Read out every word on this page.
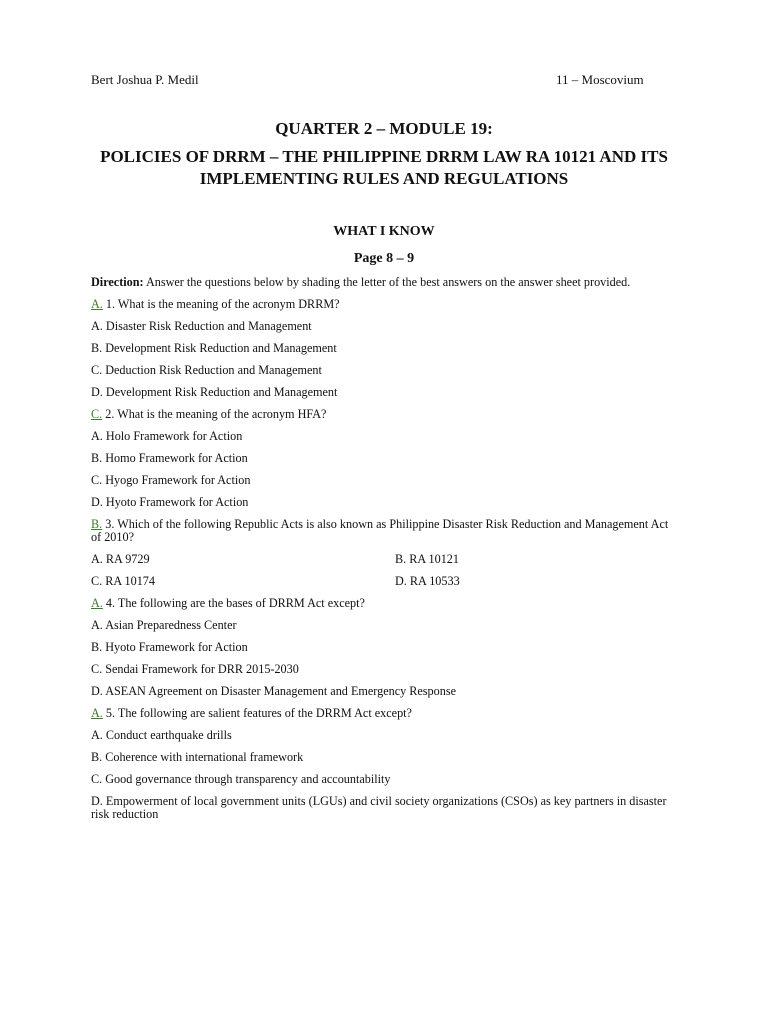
Bert Joshua P. Medil	11 – Moscovium
QUARTER 2 – MODULE 19:
POLICIES OF DRRM – THE PHILIPPINE DRRM LAW RA 10121 AND ITS IMPLEMENTING RULES AND REGULATIONS
WHAT I KNOW
Page 8 – 9
Direction: Answer the questions below by shading the letter of the best answers on the answer sheet provided.
A. 1. What is the meaning of the acronym DRRM?
A. Disaster Risk Reduction and Management
B. Development Risk Reduction and Management
C. Deduction Risk Reduction and Management
D. Development Risk Reduction and Management
C. 2. What is the meaning of the acronym HFA?
A. Holo Framework for Action
B. Homo Framework for Action
C. Hyogo Framework for Action
D. Hyoto Framework for Action
B. 3. Which of the following Republic Acts is also known as Philippine Disaster Risk Reduction and Management Act of 2010?
A. RA 9729	B. RA 10121
C. RA 10174	D. RA 10533
A. 4. The following are the bases of DRRM Act except?
A. Asian Preparedness Center
B. Hyoto Framework for Action
C. Sendai Framework for DRR 2015-2030
D. ASEAN Agreement on Disaster Management and Emergency Response
A. 5. The following are salient features of the DRRM Act except?
A. Conduct earthquake drills
B. Coherence with international framework
C. Good governance through transparency and accountability
D. Empowerment of local government units (LGUs) and civil society organizations (CSOs) as key partners in disaster risk reduction
